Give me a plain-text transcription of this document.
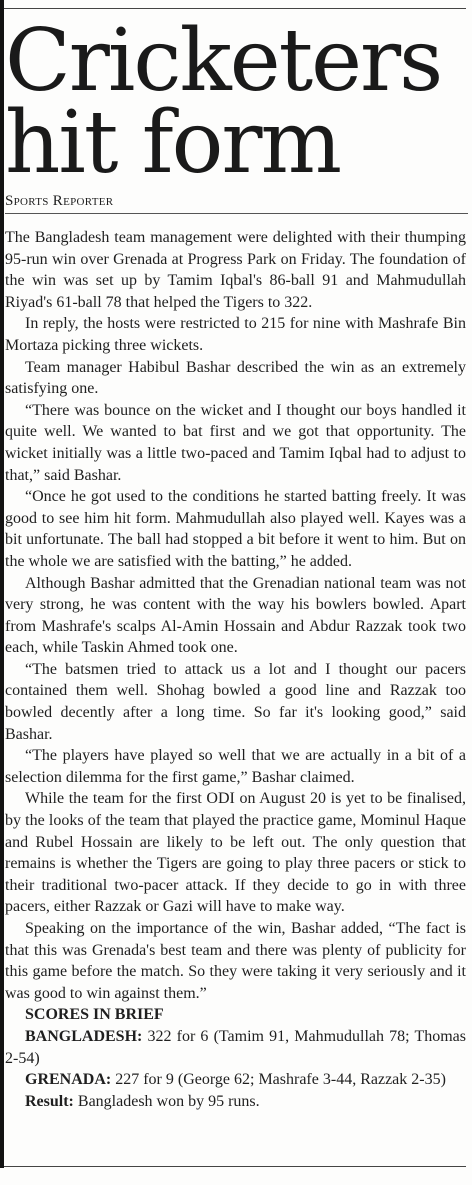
Cricketers
hit form
Sports Reporter

The Bangladesh team management were delighted with their thumping 95-run win over Grenada at Progress Park on Friday. The foundation of the win was set up by Tamim Iqbal's 86-ball 91 and Mahmudullah Riyad's 61-ball 78 that helped the Tigers to 322.

In reply, the hosts were restricted to 215 for nine with Mashrafe Bin Mortaza picking three wickets.

Team manager Habibul Bashar described the win as an extremely satisfying one.

“There was bounce on the wicket and I thought our boys handled it quite well. We wanted to bat first and we got that opportunity. The wicket initially was a little two-paced and Tamim Iqbal had to adjust to that,” said Bashar.

“Once he got used to the conditions he started batting freely. It was good to see him hit form. Mahmudullah also played well. Kayes was a bit unfortunate. The ball had stopped a bit before it went to him. But on the whole we are satisfied with the batting,” he added.

Although Bashar admitted that the Grenadian national team was not very strong, he was content with the way his bowlers bowled. Apart from Mashrafe's scalps Al-Amin Hossain and Abdur Razzak took two each, while Taskin Ahmed took one.

“The batsmen tried to attack us a lot and I thought our pacers contained them well. Shohag bowled a good line and Razzak too bowled decently after a long time. So far it's looking good,” said Bashar.

“The players have played so well that we are actually in a bit of a selection dilemma for the first game,” Bashar claimed.

While the team for the first ODI on August 20 is yet to be finalised, by the looks of the team that played the practice game, Mominul Haque and Rubel Hossain are likely to be left out. The only question that remains is whether the Tigers are going to play three pacers or stick to their traditional two-pacer attack. If they decide to go in with three pacers, either Razzak or Gazi will have to make way.

Speaking on the importance of the win, Bashar added, “The fact is that this was Grenada's best team and there was plenty of publicity for this game before the match. So they were taking it very seriously and it was good to win against them.”

SCORES IN BRIEF

BANGLADESH: 322 for 6 (Tamim 91, Mahmudullah 78; Thomas 2-54)

GRENADA: 227 for 9 (George 62; Mashrafe 3-44, Razzak 2-35)

Result: Bangladesh won by 95 runs.
